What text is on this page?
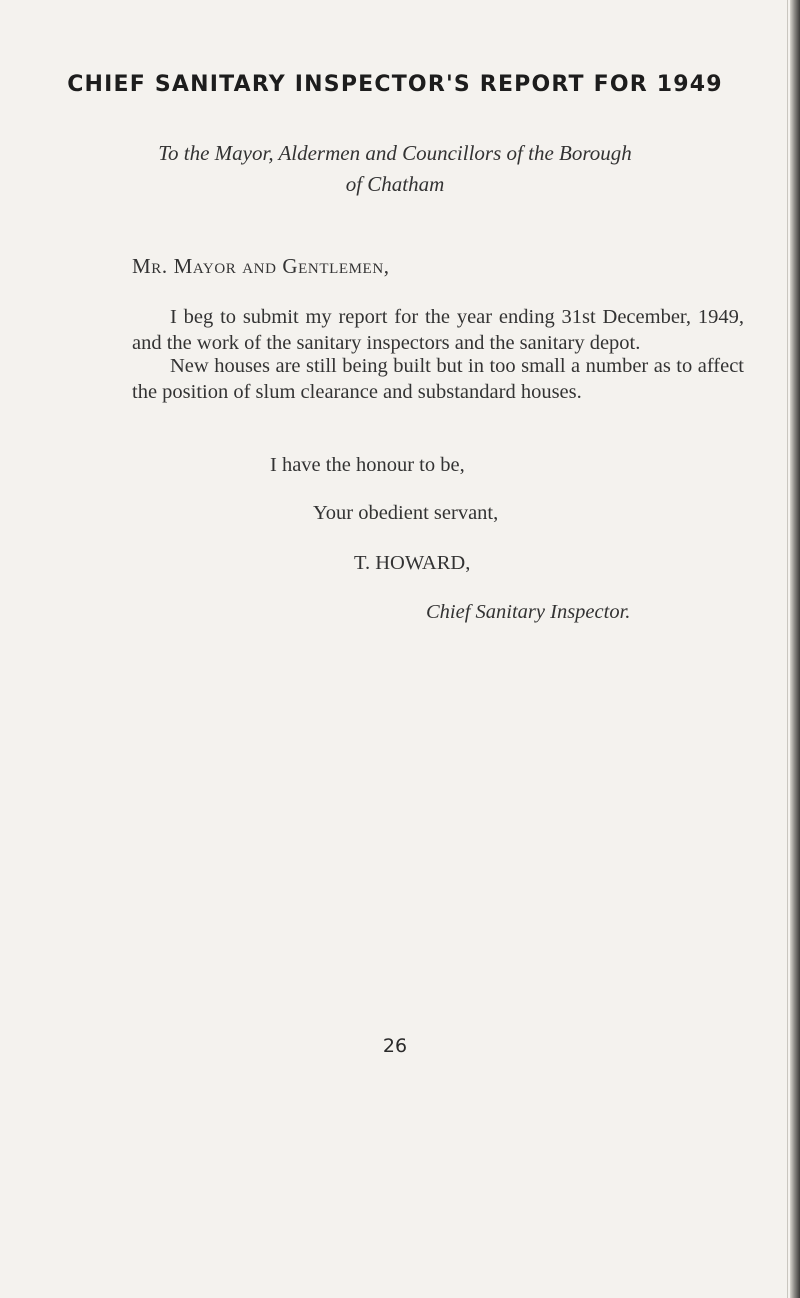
CHIEF SANITARY INSPECTOR'S REPORT FOR 1949
To the Mayor, Aldermen and Councillors of the Borough
of Chatham
Mr. Mayor and Gentlemen,
I beg to submit my report for the year ending 31st December, 1949, and the work of the sanitary inspectors and the sanitary depot.
New houses are still being built but in too small a number as to affect the position of slum clearance and substandard houses.
I have the honour to be,
Your obedient servant,
T. HOWARD,
Chief Sanitary Inspector.
26
